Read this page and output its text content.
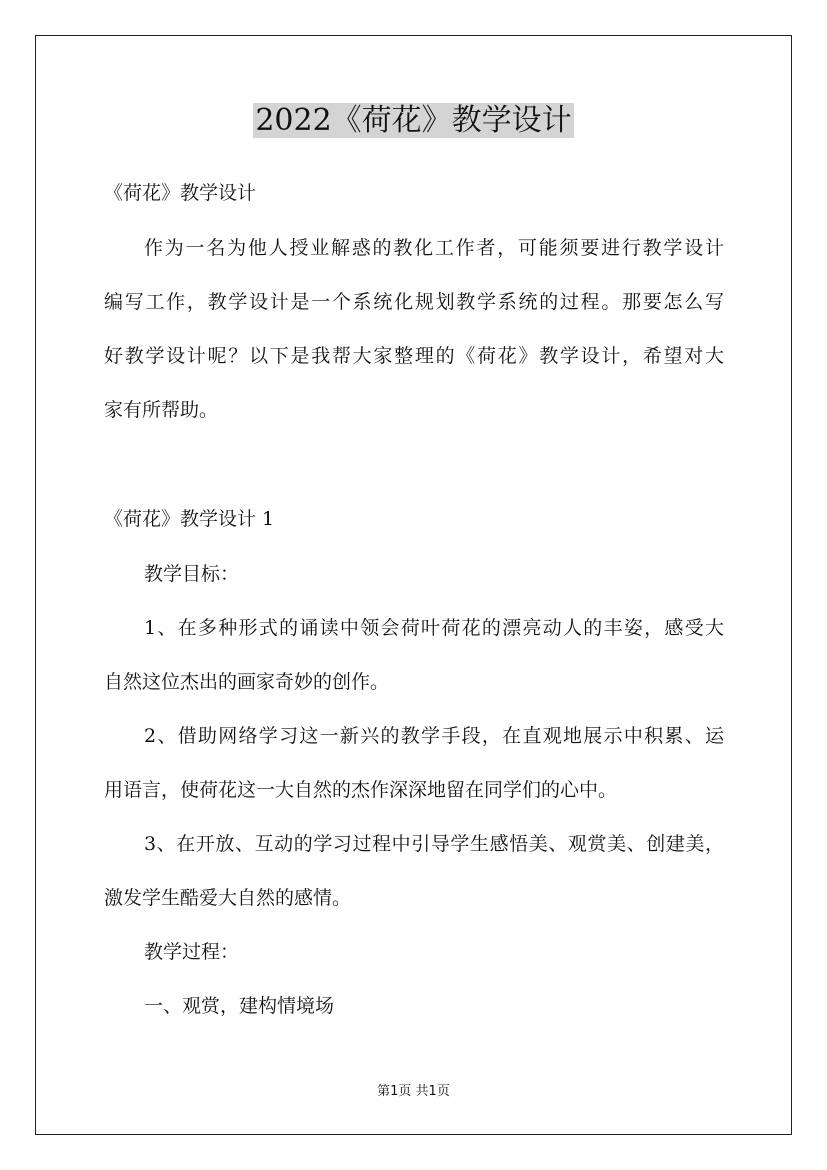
2022《荷花》教学设计
《荷花》教学设计
作为一名为他人授业解惑的教化工作者，可能须要进行教学设计
编写工作，教学设计是一个系统化规划教学系统的过程。那要怎么写
好教学设计呢？以下是我帮大家整理的《荷花》教学设计，希望对大
家有所帮助。
《荷花》教学设计 1
教学目标：
1、在多种形式的诵读中领会荷叶荷花的漂亮动人的丰姿，感受大
自然这位杰出的画家奇妙的创作。
2、借助网络学习这一新兴的教学手段，在直观地展示中积累、运
用语言，使荷花这一大自然的杰作深深地留在同学们的心中。
3、在开放、互动的学习过程中引导学生感悟美、观赏美、创建美，
激发学生酷爱大自然的感情。
教学过程：
一、观赏，建构情境场
第1页 共1页
